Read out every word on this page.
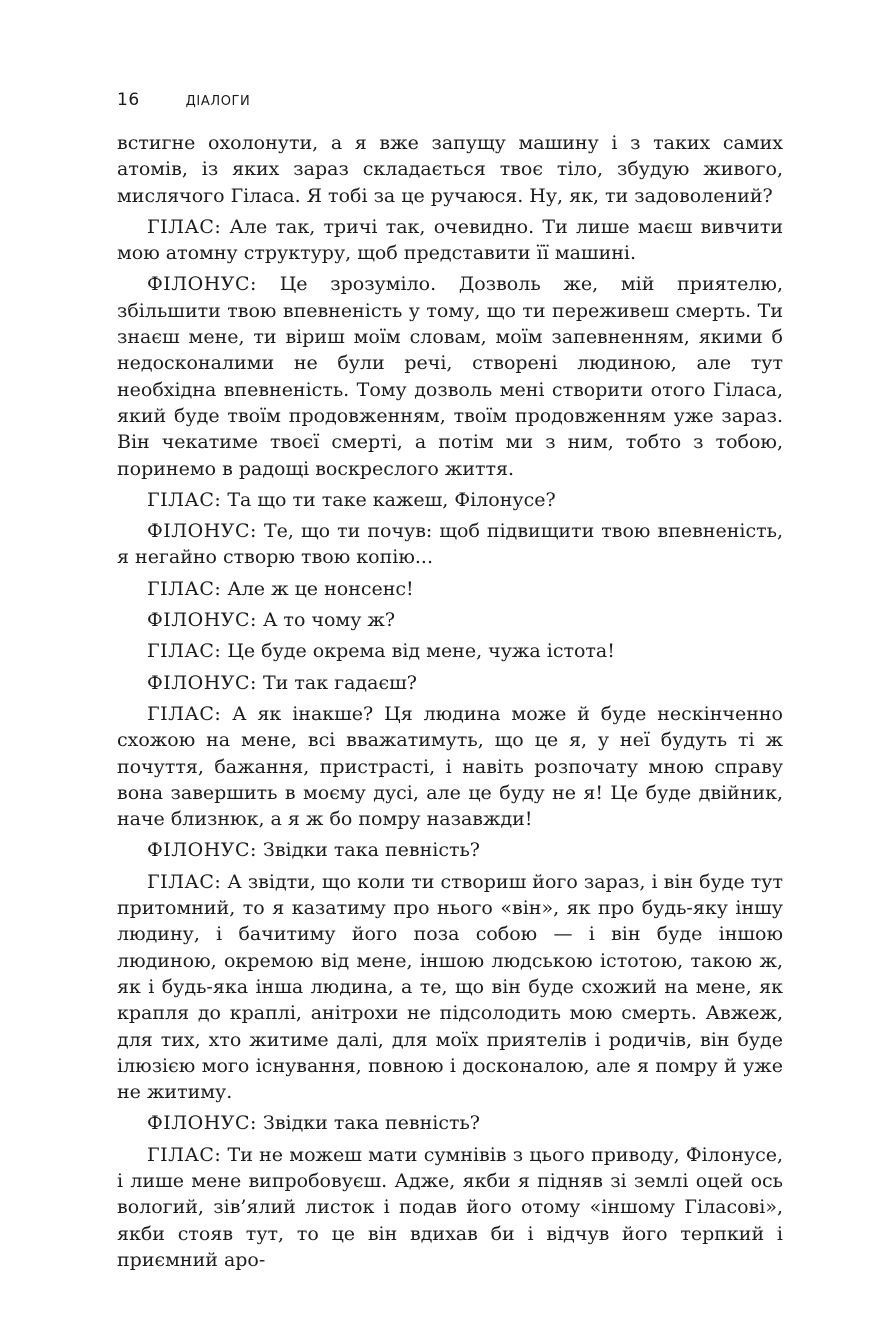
16	ДІАЛОГИ

встигне охолонути, а я вже запущу машину і з таких самих атомів, із яких зараз складається твоє тіло, збудую живого, мислячого Гіласа. Я тобі за це ручаюся. Ну, як, ти задоволений?

ГІЛАС: Але так, тричі так, очевидно. Ти лише маєш вивчити мою атомну структуру, щоб представити її машині.

ФІЛОНУС: Це зрозуміло. Дозволь же, мій приятелю, збільшити твою впевненість у тому, що ти переживеш смерть. Ти знаєш мене, ти віриш моїм словам, моїм запевненням, якими б недосконалими не були речі, створені людиною, але тут необхідна впевненість. Тому дозволь мені створити отого Гіласа, який буде твоїм продовженням, твоїм продовженням уже зараз. Він чекатиме твоєї смерті, а потім ми з ним, тобто з тобою, поринемо в радощі воскреслого життя.

ГІЛАС: Та що ти таке кажеш, Філонусе?

ФІЛОНУС: Те, що ти почув: щоб підвищити твою впевненість, я негайно створю твою копію...

ГІЛАС: Але ж це нонсенс!

ФІЛОНУС: А то чому ж?

ГІЛАС: Це буде окрема від мене, чужа істота!

ФІЛОНУС: Ти так гадаєш?

ГІЛАС: А як інакше? Ця людина може й буде нескінченно схожою на мене, всі вважатимуть, що це я, у неї будуть ті ж почуття, бажання, пристрасті, і навіть розпочату мною справу вона завершить в моєму дусі, але це буду не я! Це буде двійник, наче близнюк, а я ж бо помру назавжди!

ФІЛОНУС: Звідки така певність?

ГІЛАС: А звідти, що коли ти створиш його зараз, і він буде тут притомний, то я казатиму про нього «він», як про будь-яку іншу людину, і бачитиму його поза собою — і він буде іншою людиною, окремою від мене, іншою людською істотою, такою ж, як і будь-яка інша людина, а те, що він буде схожий на мене, як крапля до краплі, анітрохи не підсолодить мою смерть. Авжеж, для тих, хто житиме далі, для моїх приятелів і родичів, він буде ілюзією мого існування, повною і досконалою, але я помру й уже не житиму.

ФІЛОНУС: Звідки така певність?

ГІЛАС: Ти не можеш мати сумнівів з цього приводу, Філонусе, і лише мене випробовуєш. Адже, якби я підняв зі землі оцей ось вологий, зів’ялий листок і подав його отому «іншому Гіласові», якби стояв тут, то це він вдихав би і відчув його терпкий і приємний аро-
